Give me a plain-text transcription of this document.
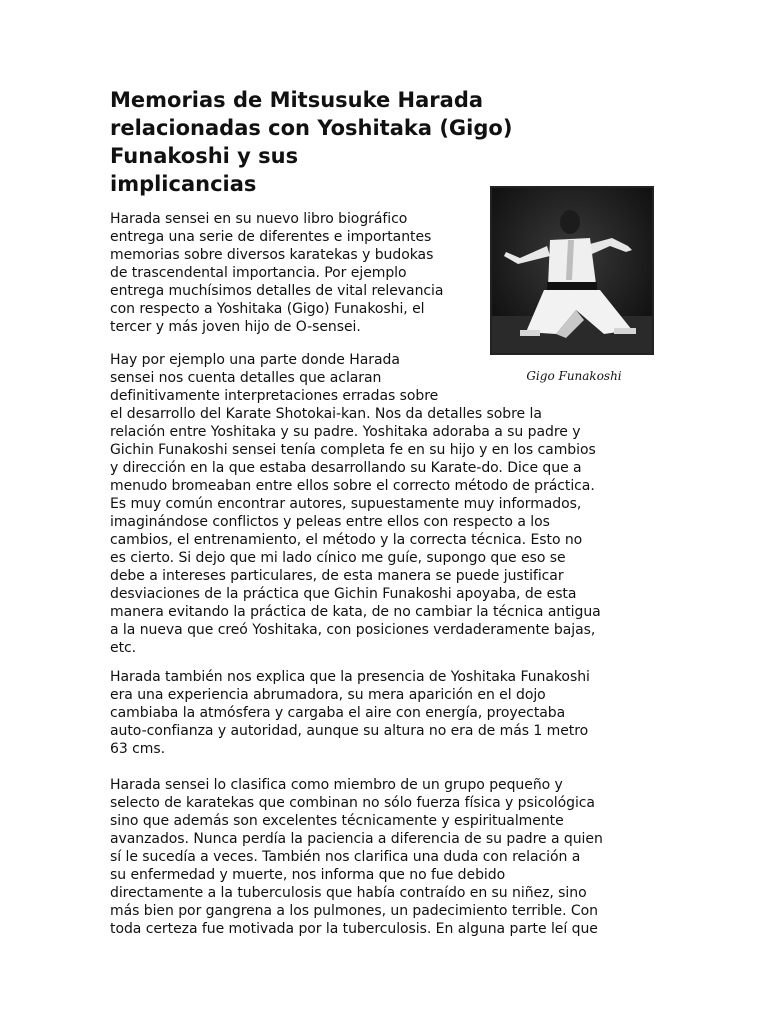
Memorias de Mitsusuke Harada
relacionadas con Yoshitaka (Gigo)
Funakoshi y sus
implicancias
Harada sensei en su nuevo libro biográfico
entrega una serie de diferentes e importantes
memorias sobre diversos karatekas y budokas
de trascendental importancia. Por ejemplo
entrega muchísimos detalles de vital relevancia
con respecto a Yoshitaka (Gigo) Funakoshi, el
tercer y más joven hijo de O-sensei.
Hay por ejemplo una parte donde Harada
sensei nos cuenta detalles que aclaran
definitivamente interpretaciones erradas sobre
el desarrollo del Karate Shotokai-kan. Nos da detalles sobre la
relación entre Yoshitaka y su padre. Yoshitaka adoraba a su padre y
Gichin Funakoshi sensei tenía completa fe en su hijo y en los cambios
y dirección en la que estaba desarrollando su Karate-do. Dice que a
menudo bromeaban entre ellos sobre el correcto método de práctica.
Es muy común encontrar autores, supuestamente muy informados,
imaginándose conflictos y peleas entre ellos con respecto a los
cambios, el entrenamiento, el método y la correcta técnica. Esto no
es cierto. Si dejo que mi lado cínico me guíe, supongo que eso se
debe a intereses particulares, de esta manera se puede justificar
desviaciones de la práctica que Gichin Funakoshi apoyaba, de esta
manera evitando la práctica de kata, de no cambiar la técnica antigua
a la nueva que creó Yoshitaka, con posiciones verdaderamente bajas,
etc.
Harada también nos explica que la presencia de Yoshitaka Funakoshi
era una experiencia abrumadora, su mera aparición en el dojo
cambiaba la atmósfera y cargaba el aire con energía, proyectaba
auto-confianza y autoridad, aunque su altura no era de más 1 metro
63 cms.
Harada sensei lo clasifica como miembro de un grupo pequeño y
selecto de karatekas que combinan no sólo fuerza física y psicológica
sino que además son excelentes técnicamente y espiritualmente
avanzados. Nunca perdía la paciencia a diferencia de su padre a quien
sí le sucedía a veces. También nos clarifica una duda con relación a
su enfermedad y muerte, nos informa que no fue debido
directamente a la tuberculosis que había contraído en su niñez, sino
más bien por gangrena a los pulmones, un padecimiento terrible. Con
toda certeza fue motivada por la tuberculosis. En alguna parte leí que
Gigo Funakoshi
